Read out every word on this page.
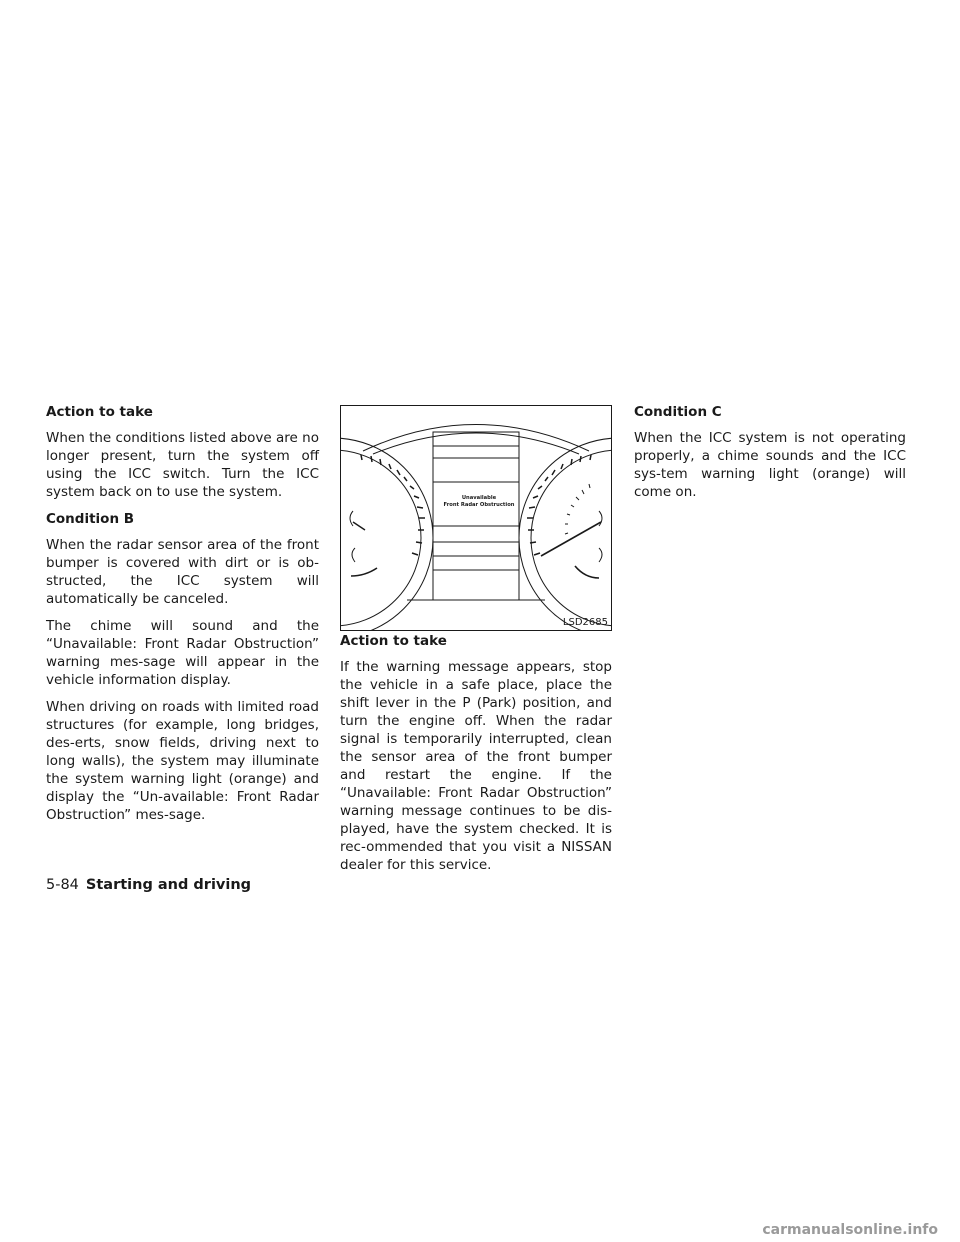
Action to take

When the conditions listed above are no longer present, turn the system off using the ICC switch. Turn the ICC system back on to use the system.

Condition B

When the radar sensor area of the front bumper is covered with dirt or is ob-structed, the ICC system will automatically be canceled.

The chime will sound and the “Unavailable: Front Radar Obstruction” warning mes-sage will appear in the vehicle information display.

When driving on roads with limited road structures (for example, long bridges, des-erts, snow fields, driving next to long walls), the system may illuminate the system warning light (orange) and display the “Un-available: Front Radar Obstruction” mes-sage.

Unavailable
Front Radar Obstruction
LSD2685
Action to take

If the warning message appears, stop the vehicle in a safe place, place the shift lever in the P (Park) position, and turn the engine off. When the radar signal is temporarily interrupted, clean the sensor area of the front bumper and restart the engine. If the “Unavailable: Front Radar Obstruction” warning message continues to be dis-played, have the system checked. It is rec-ommended that you visit a NISSAN dealer for this service.

Condition C

When the ICC system is not operating properly, a chime sounds and the ICC sys-tem warning light (orange) will come on.

5-84 Starting and driving
carmanualsonline.info
